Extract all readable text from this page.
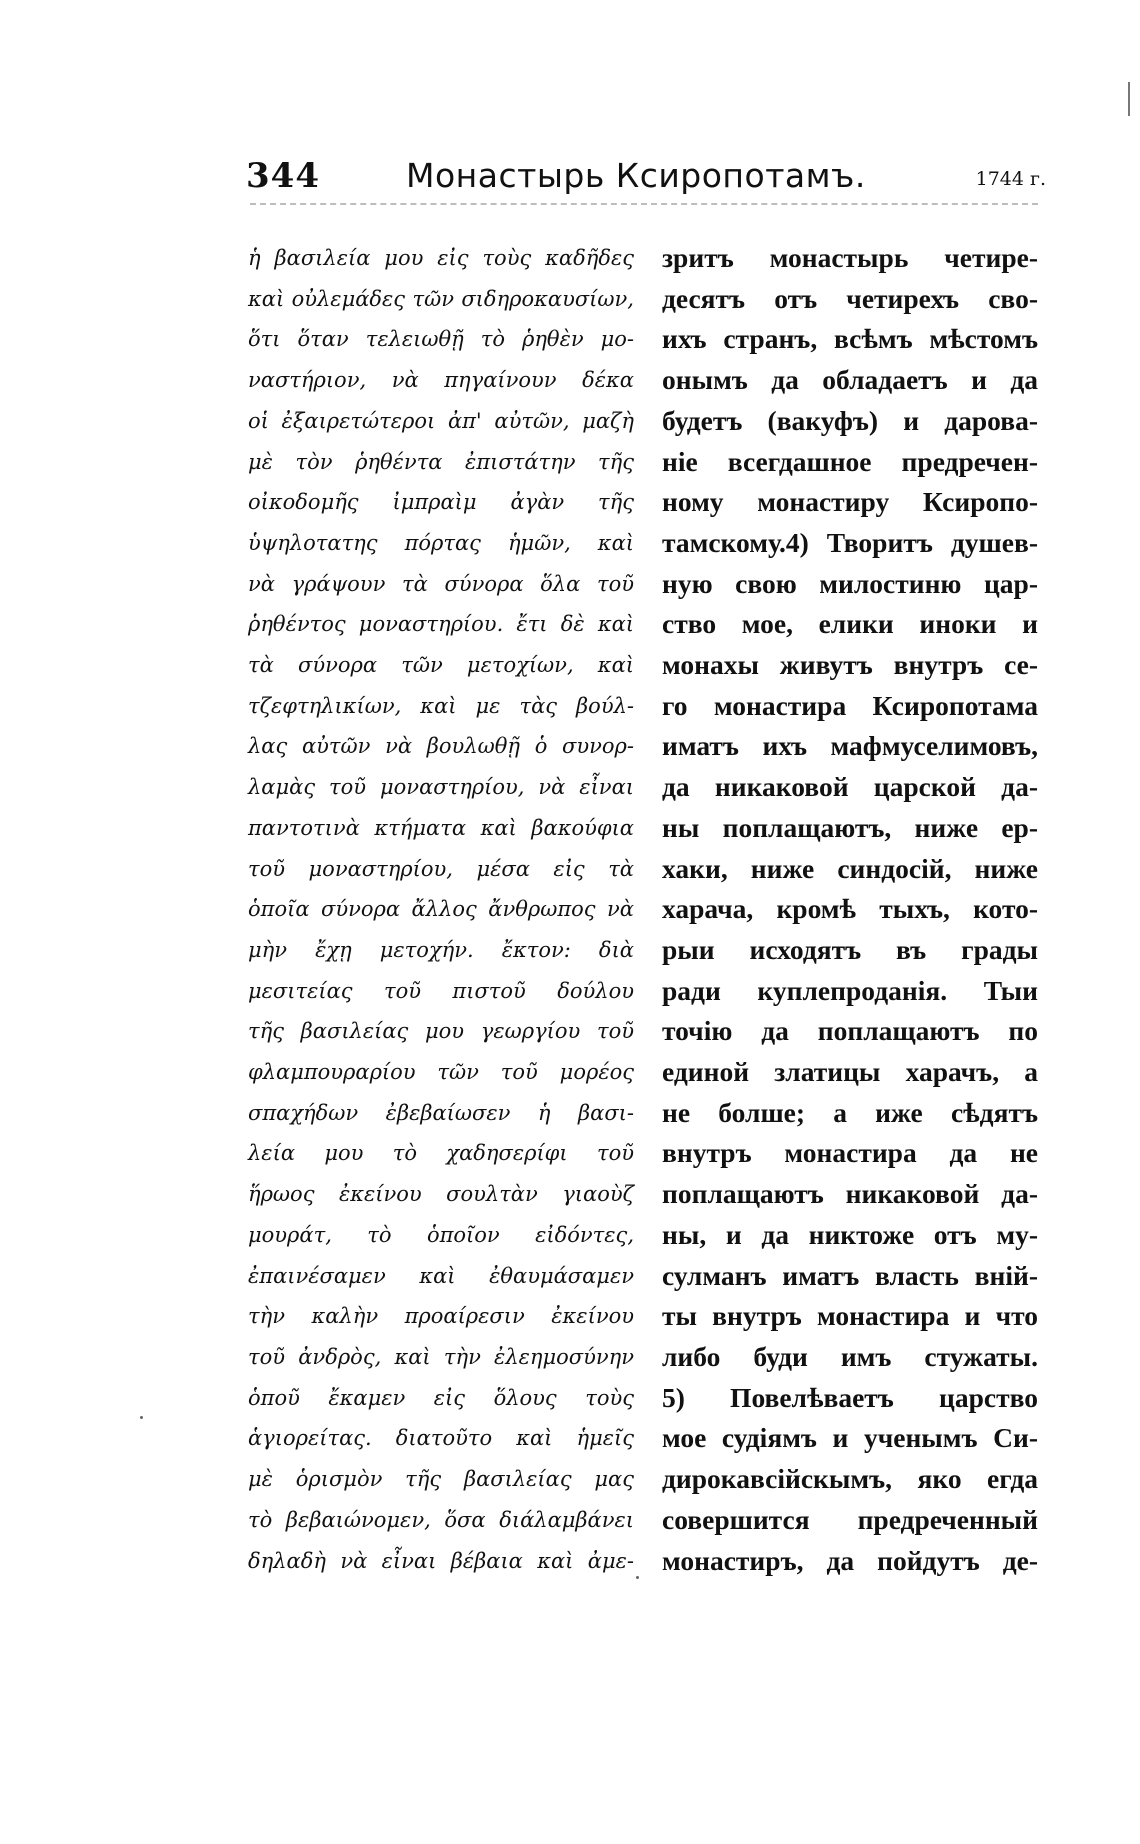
344	Монастырь Ксиропотамъ.	1744 г.
ἡ βασιλεία μου εἰς τοὺς καδῆδες
καὶ οὐλεμάδες τῶν σιδηροκαυσίων,
ὅτι ὅταν τελειωθῇ τὸ ῥηθὲν μο-
ναστήριον, νὰ πηγαίνουν δέκα
οἱ ἐξαιρετώτεροι ἀπ' αὐτῶν, μαζὴ
μὲ τὸν ῥηθέντα ἐπιστάτην τῆς
οἰκοδομῆς ἰμπραὶμ ἀγὰν τῆς
ὑψηλοτατης πόρτας ἡμῶν, καὶ
νὰ γράψουν τὰ σύνορα ὅλα τοῦ
ῥηθέντος μοναστηρίου. ἔτι δὲ καὶ
τὰ σύνορα τῶν μετοχίων, καὶ
τζεφτηλικίων, καὶ με τὰς βούλ-
λας αὐτῶν νὰ βουλωθῇ ὁ συνορ-
λαμὰς τοῦ μοναστηρίου, νὰ εἶναι
παντοτινὰ κτήματα καὶ βακούφια
τοῦ μοναστηρίου, μέσα εἰς τὰ
ὁποῖα σύνορα ἄλλος ἄνθρωπος νὰ
μὴν ἔχῃ μετοχήν. ἔκτον: διὰ
μεσιτείας τοῦ πιστοῦ δούλου
τῆς βασιλείας μου γεωργίου τοῦ
φλαμπουραρίου τῶν τοῦ μορέος
σπαχήδων ἐβεβαίωσεν ἡ βασι-
λεία μου τὸ χαδησερίφι τοῦ
ἥρωος ἐκείνου σουλτὰν γιαοὺζ
μουράτ, τὸ ὁποῖον εἰδόντες,
ἐπαινέσαμεν καὶ ἐθαυμάσαμεν
τὴν καλὴν προαίρεσιν ἐκείνου
τοῦ ἀνδρὸς, καὶ τὴν ἐλεημοσύνην
ὁποῦ ἔκαμεν εἰς ὅλους τοὺς
ἁγιορείτας. διατοῦτο καὶ ἡμεῖς
μὲ ὁρισμὸν τῆς βασιλείας μας
τὸ βεβαιώνομεν, ὅσα διάλαμβάνει
δηλαδὴ νὰ εἶναι βέβαια καὶ ἀμε-
зритъ монастырь четире-
десятъ отъ четирехъ сво-
ихъ странъ, всѣмъ мѣстомъ
онымъ да обладаетъ и да
будетъ (вакуфъ) и дарова-
ніе всегдашное предречен-
ному монастиру Ксиропо-
тамскому.4) Творитъ душев-
ную свою милостиню цар-
ство мое, елики иноки и
монахы живутъ внутръ се-
го монастира Ксиропотама
иматъ ихъ мафмуселимовъ,
да никаковой царской да-
ны поплащаютъ, ниже ер-
хаки, ниже синдосій, ниже
харача, кромѣ тыхъ, кото-
рыи исходятъ въ грады
ради куплепроданія. Тыи
точію да поплащаютъ по
единой златицы харачъ, а
не болше; а иже сѣдятъ
внутръ монастира да не
поплащаютъ никаковой да-
ны, и да никтоже отъ му-
сулманъ иматъ власть внiй-
ты внутръ монастира и что
либо буди имъ стужаты.
5) Повелѣваетъ царство
мое судіямъ и ученымъ Си-
дирокавсійскымъ, яко егда
совершится предреченный
монастиръ, да пойдутъ де-
